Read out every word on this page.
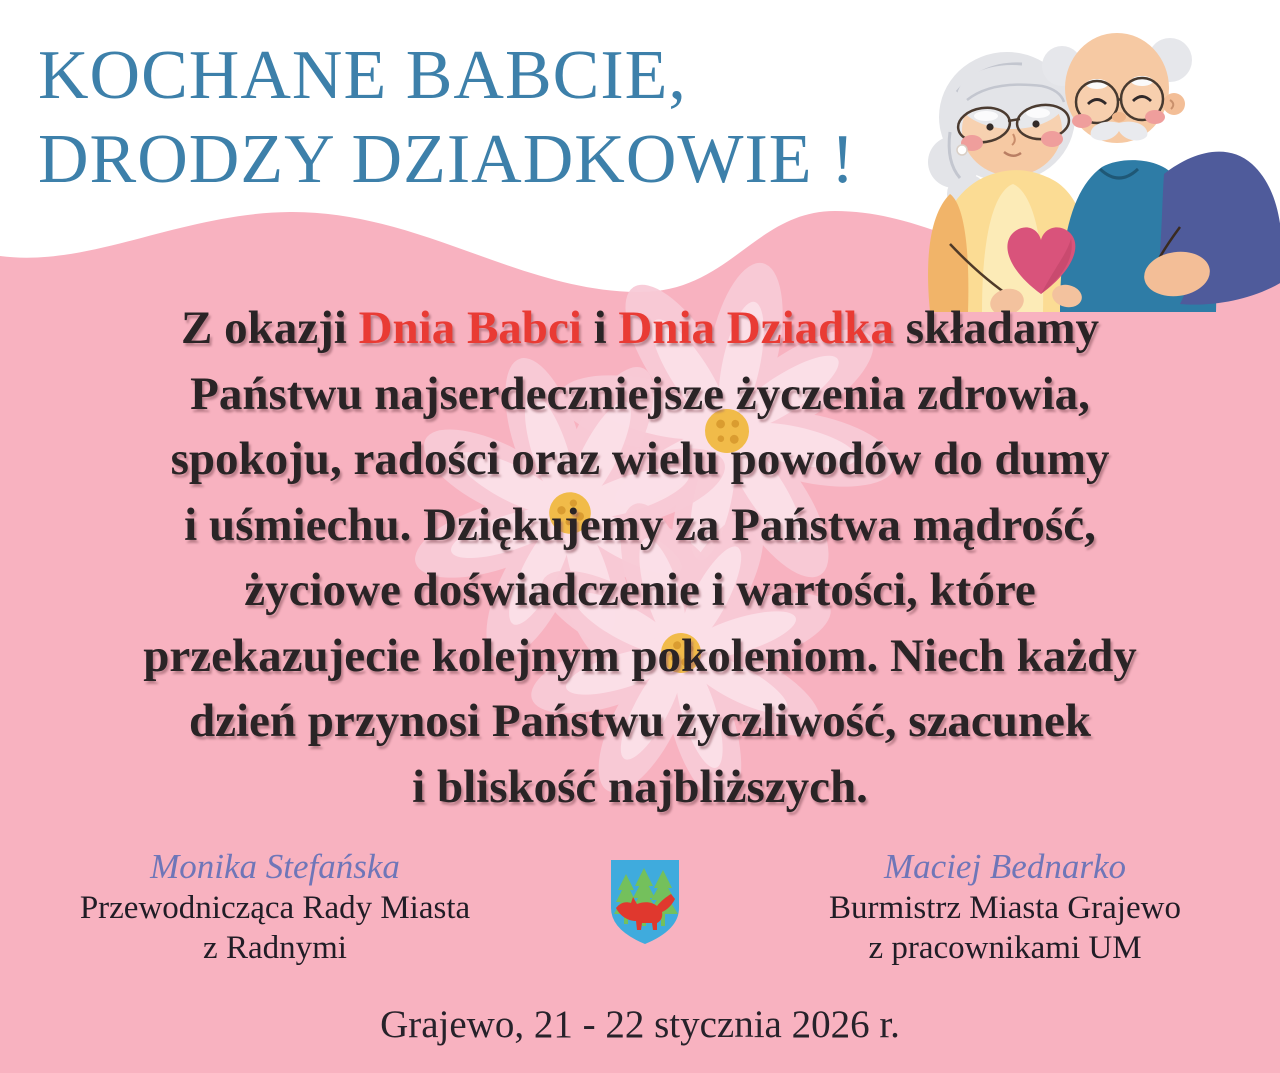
KOCHANE BABCIE,
DRODZY DZIADKOWIE !
Z okazji Dnia Babci i Dnia Dziadka składamy
Państwu najserdeczniejsze życzenia zdrowia,
spokoju, radości oraz wielu powodów do dumy
i uśmiechu. Dziękujemy za Państwa mądrość,
życiowe doświadczenie i wartości, które
przekazujecie kolejnym pokoleniom. Niech każdy
dzień przynosi Państwu życzliwość, szacunek
i bliskość najbliższych.
Monika Stefańska
Przewodnicząca Rady Miasta
z Radnymi
Maciej Bednarko
Burmistrz Miasta Grajewo
z pracownikami UM
Grajewo, 21 - 22 stycznia 2026 r.
